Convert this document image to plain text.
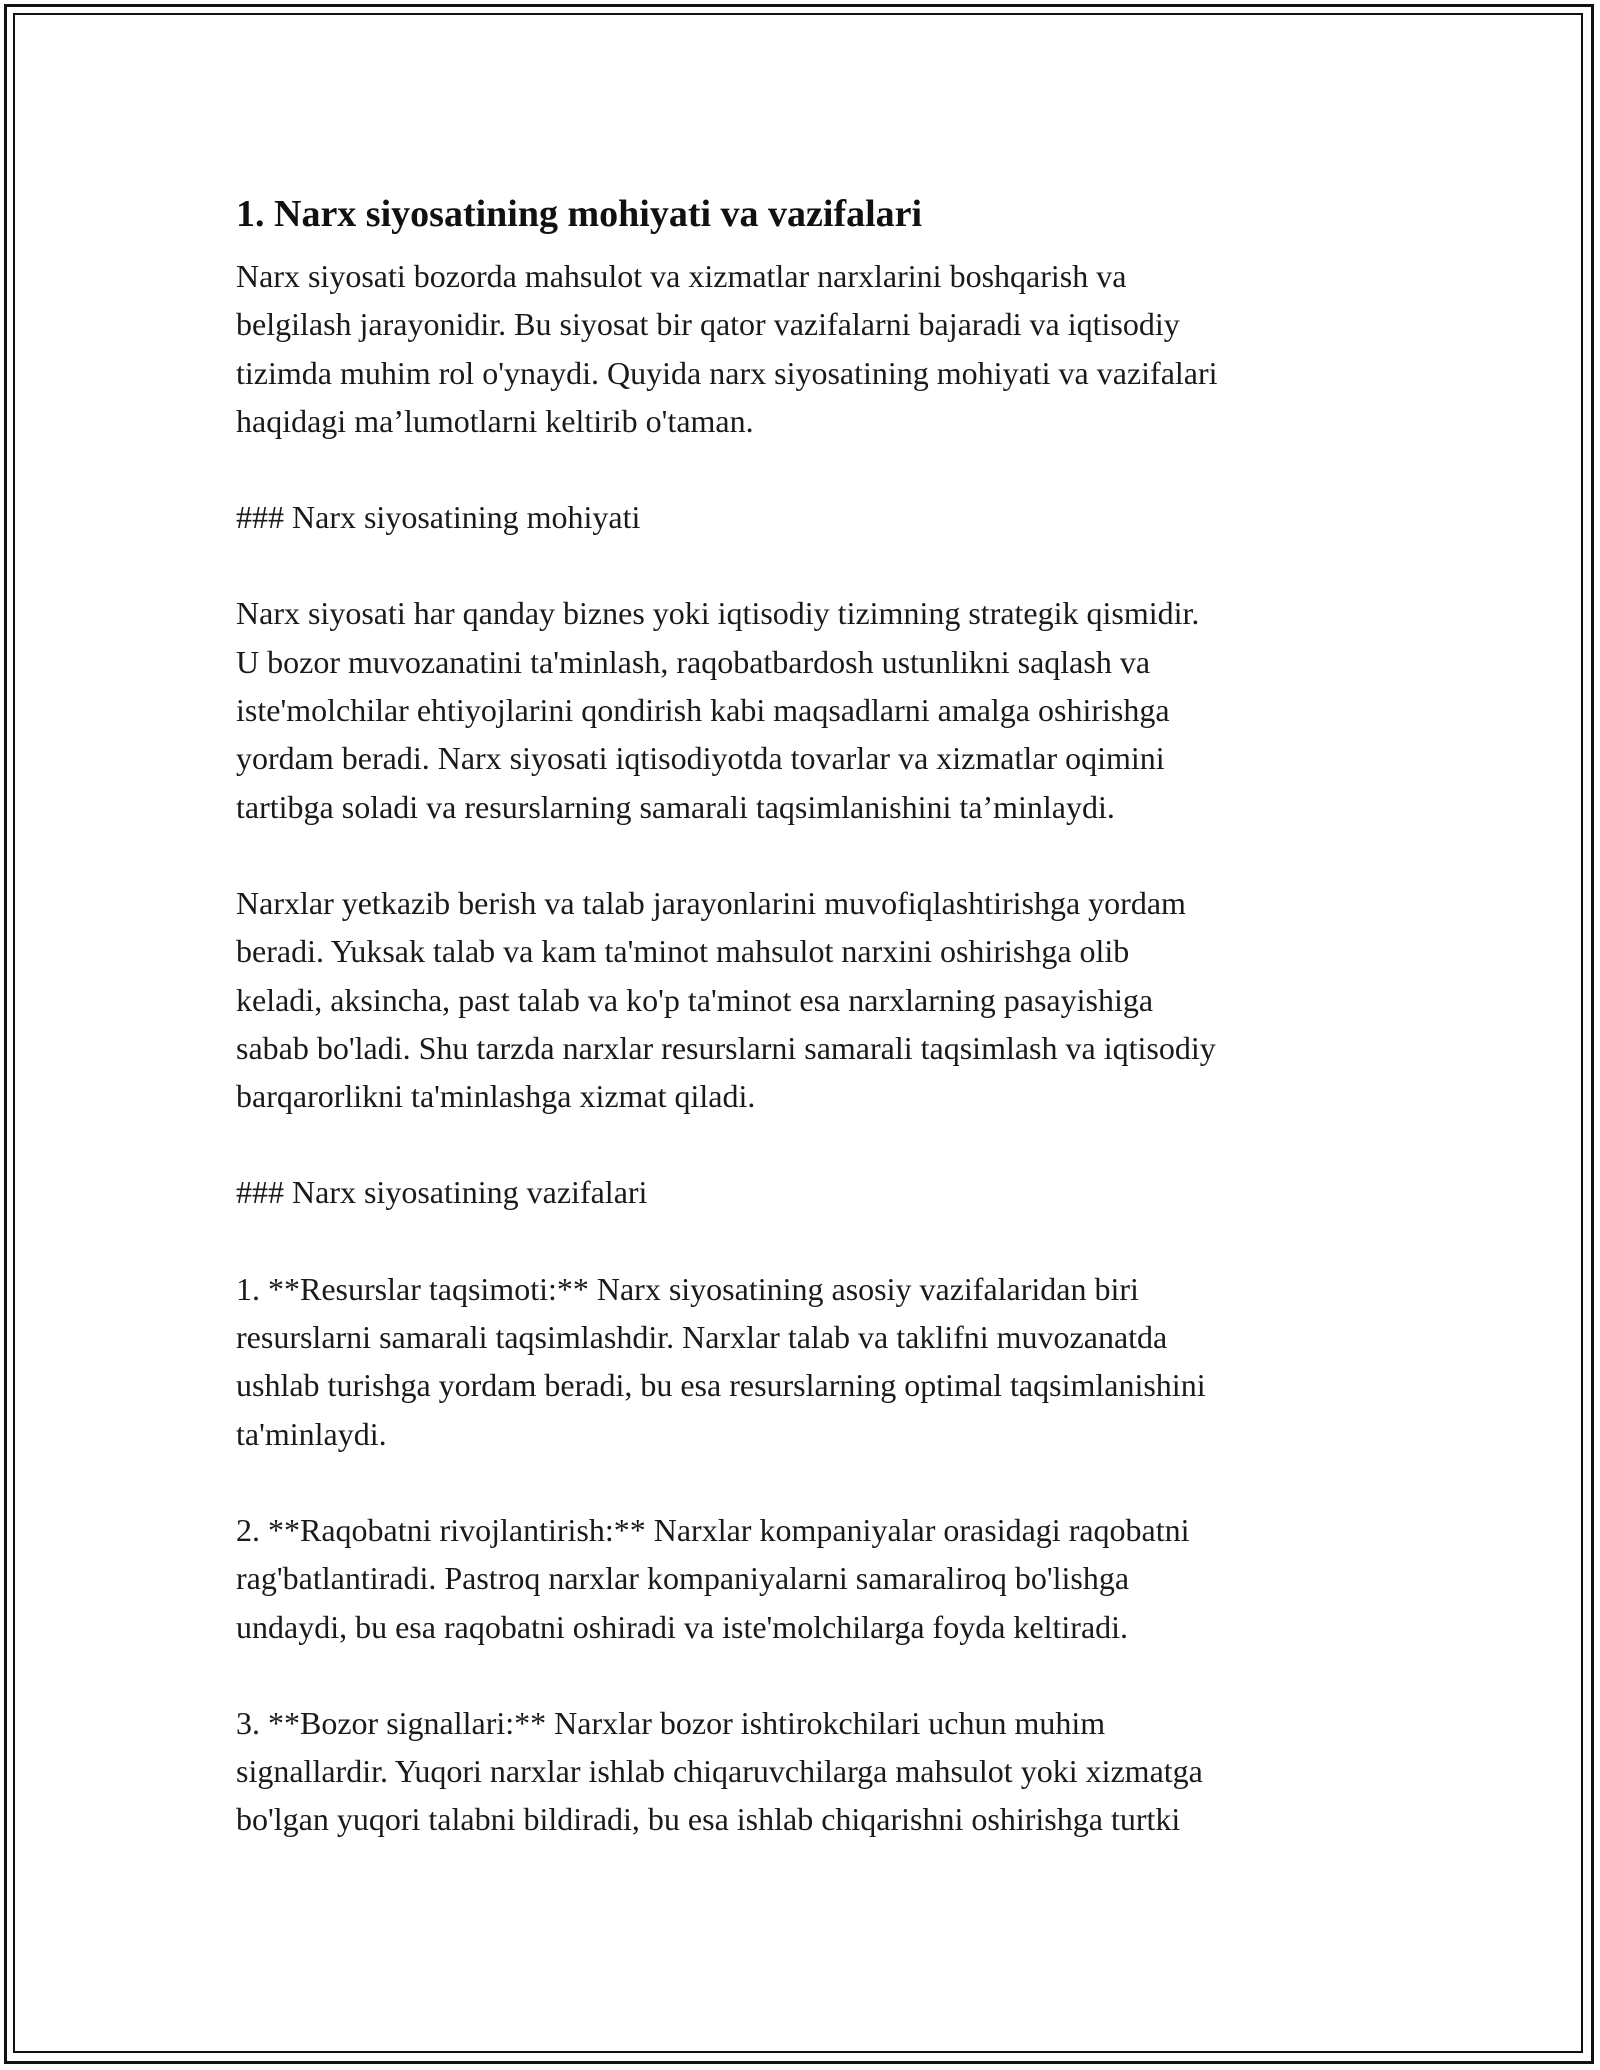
1. Narx siyosatining mohiyati va vazifalari

Narx siyosati bozorda mahsulot va xizmatlar narxlarini boshqarish va
belgilash jarayonidir. Bu siyosat bir qator vazifalarni bajaradi va iqtisodiy
tizimda muhim rol o'ynaydi. Quyida narx siyosatining mohiyati va vazifalari
haqidagi ma’lumotlarni keltirib o'taman.

### Narx siyosatining mohiyati

Narx siyosati har qanday biznes yoki iqtisodiy tizimning strategik qismidir.
U bozor muvozanatini ta'minlash, raqobatbardosh ustunlikni saqlash va
iste'molchilar ehtiyojlarini qondirish kabi maqsadlarni amalga oshirishga
yordam beradi. Narx siyosati iqtisodiyotda tovarlar va xizmatlar oqimini
tartibga soladi va resurslarning samarali taqsimlanishini ta’minlaydi.

Narxlar yetkazib berish va talab jarayonlarini muvofiqlashtirishga yordam
beradi. Yuksak talab va kam ta'minot mahsulot narxini oshirishga olib
keladi, aksincha, past talab va ko'p ta'minot esa narxlarning pasayishiga
sabab bo'ladi. Shu tarzda narxlar resurslarni samarali taqsimlash va iqtisodiy
barqarorlikni ta'minlashga xizmat qiladi.

### Narx siyosatining vazifalari

1. **Resurslar taqsimoti:** Narx siyosatining asosiy vazifalaridan biri
resurslarni samarali taqsimlashdir. Narxlar talab va taklifni muvozanatda
ushlab turishga yordam beradi, bu esa resurslarning optimal taqsimlanishini
ta'minlaydi.

2. **Raqobatni rivojlantirish:** Narxlar kompaniyalar orasidagi raqobatni
rag'batlantiradi. Pastroq narxlar kompaniyalarni samaraliroq bo'lishga
undaydi, bu esa raqobatni oshiradi va iste'molchilarga foyda keltiradi.

3. **Bozor signallari:** Narxlar bozor ishtirokchilari uchun muhim
signallardir. Yuqori narxlar ishlab chiqaruvchilarga mahsulot yoki xizmatga
bo'lgan yuqori talabni bildiradi, bu esa ishlab chiqarishni oshirishga turtki
